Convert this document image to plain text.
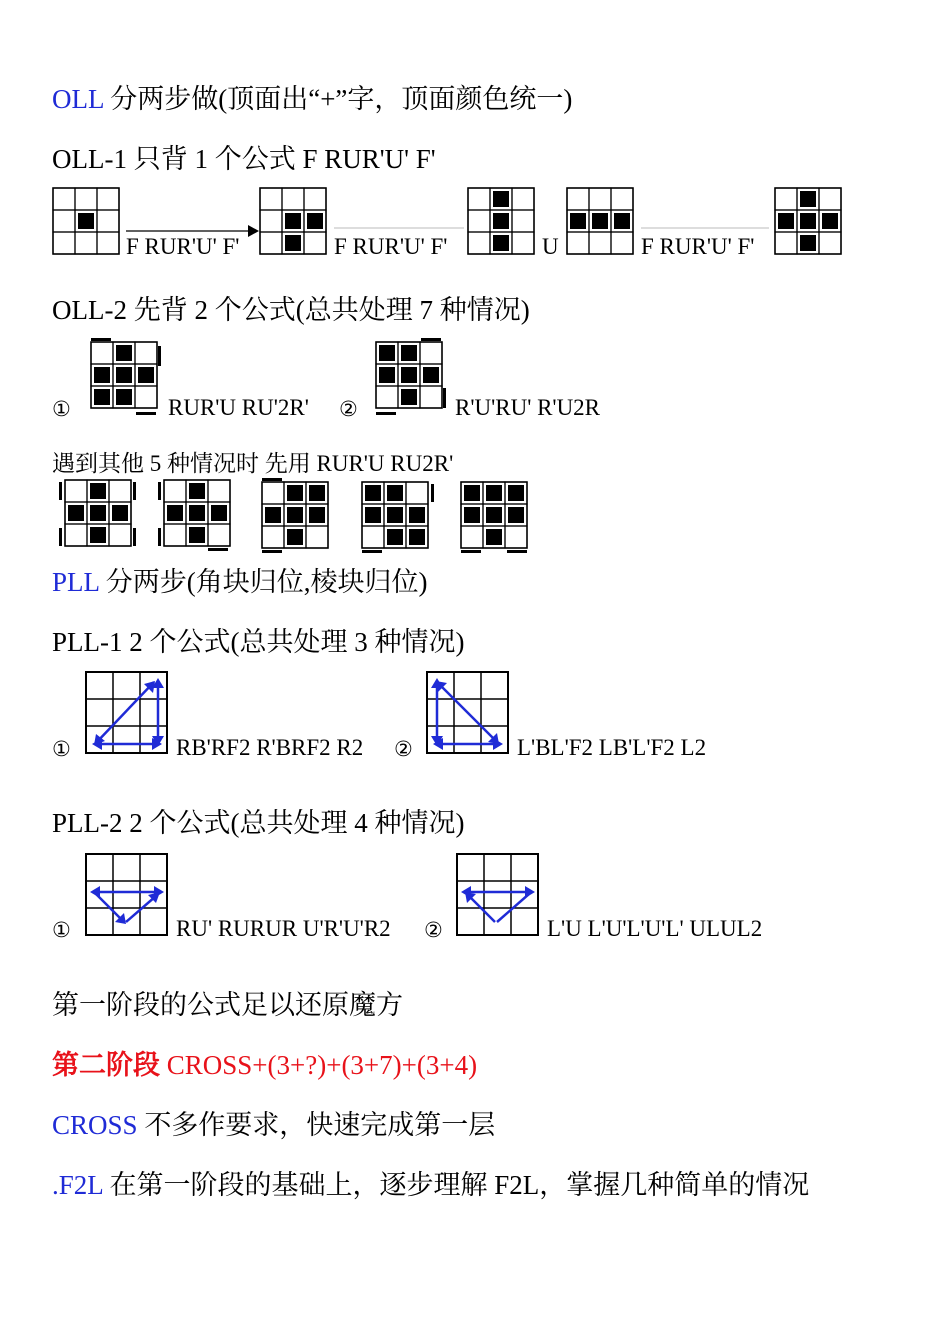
OLL 分两步做(顶面出“+”字，顶面颜色统一)
OLL-1 只背 1 个公式 F RUR'U' F'
F RUR'U' F'	F RUR'U' F'	U	F RUR'U' F'
OLL-2 先背 2 个公式(总共处理 7 种情况)
①	RUR'U RU'2R' ②	R'U'RU' R'U2R
遇到其他 5 种情况时 先用 RUR'U RU2R'
PLL 分两步(角块归位,棱块归位)
PLL-1 2 个公式(总共处理 3 种情况)
①	RB'RF2 R'BRF2 R2 ②	L'BL'F2 LB'L'F2 L2
PLL-2 2 个公式(总共处理 4 种情况)
①	RU' RURUR U'R'U'R2 ②	L'U L'U'L'U'L' ULUL2
第一阶段的公式足以还原魔方
第二阶段 CROSS+(3+?)+(3+7)+(3+4)
CROSS 不多作要求，快速完成第一层
.F2L 在第一阶段的基础上，逐步理解 F2L，掌握几种简单的情况
